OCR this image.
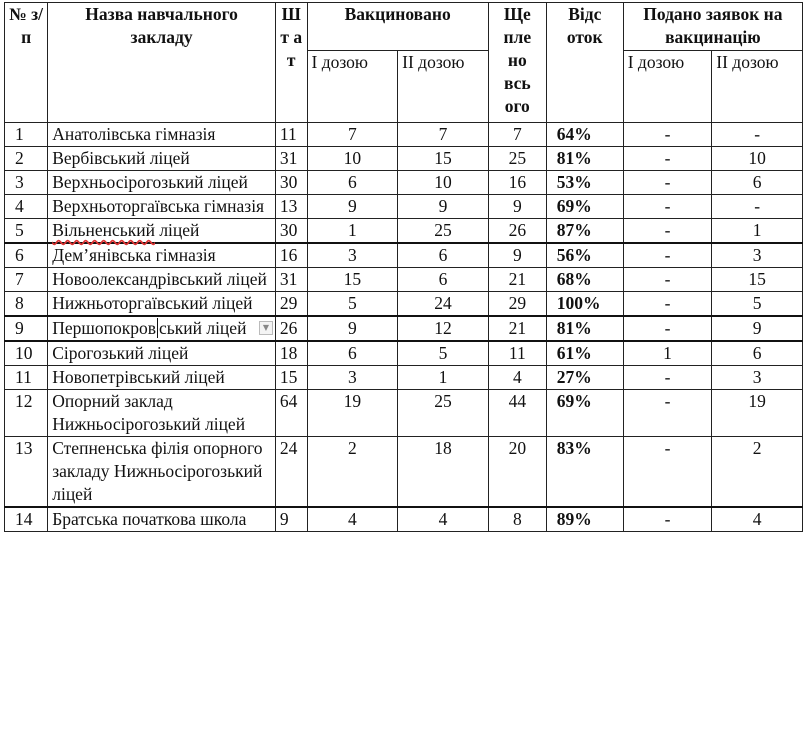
№ з/п	Назва навчального закладу	Ш т а т	Вакциновано		Ще пле но всь ого	Відс оток	Подано заявок на вакцинацію	
			I дозою	II дозою			I дозою	II дозою
1	Анатолівська гімназія	11	7	7	7	64%	-	-
2	Вербівський ліцей	31	10	15	25	81%	-	10
3	Верхньосірогозький ліцей	30	6	10	16	53%	-	6
4	Верхньоторгаївська гімназія	13	9	9	9	69%	-	-
5	Вільненський ліцей	30	1	25	26	87%	-	1
6	Дем’янівська гімназія	16	3	6	9	56%	-	3
7	Новоолександрівський ліцей	31	15	6	21	68%	-	15
8	Нижньоторгаївський ліцей	29	5	24	29	100%	-	5
9	Першопокров ський ліцей ▼	26	9	12	21	81%	-	9
10	Сірогозький ліцей	18	6	5	11	61%	1	6
11	Новопетрівський ліцей	15	3	1	4	27%	-	3
12	Опорний заклад Нижньосірогозький ліцей	64	19	25	44	69%	-	19
13	Степненська філія опорного закладу Нижньосірогозький ліцей	24	2	18	20	83%	-	2
14	Братська початкова школа	9	4	4	8	89%	-	4
